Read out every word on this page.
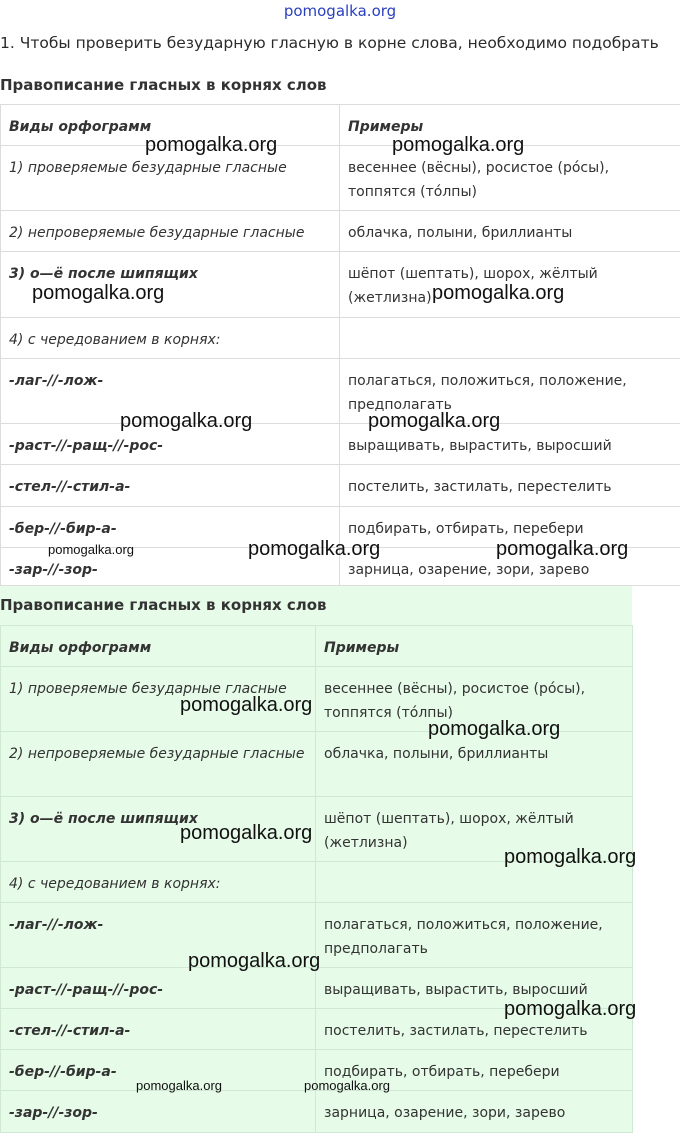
pomogalka.org
1. Чтобы проверить безударную гласную в корне слова, необходимо подобрать
Правописание гласных в корнях слов
Виды орфограмм	Примеры
1) проверяемые безударные гласные	весеннее (вёсны), росистое (рóсы), топпятся (тóлпы)
2) непроверяемые безударные гласные	облачка, полыни, бриллианты
3) о—ё после шипящих	шёпот (шептать), шорох, жёлтый (жетлизна)
4) с чередованием в корнях:	
-лаг-//-лож-	полагаться, положиться, положение, предполагать
-раст-//-ращ-//-рос-	выращивать, вырастить, выросший
-стел-//-стил-а-	постелить, застилать, перестелить
-бер-//-бир-а-	подбирать, отбирать, перебери
-зар-//-зор-	зарница, озарение, зори, зарево
Правописание гласных в корнях слов
Виды орфограмм	Примеры
1) проверяемые безударные гласные	весеннее (вёсны), росистое (рóсы), топпятся (тóлпы)
2) непроверяемые безударные гласные	облачка, полыни, бриллианты
3) о—ё после шипящих	шёпот (шептать), шорох, жёлтый (жетлизна)
4) с чередованием в корнях:	
-лаг-//-лож-	полагаться, положиться, положение, предполагать
-раст-//-ращ-//-рос-	выращивать, вырастить, выросший
-стел-//-стил-а-	постелить, застилать, перестелить
-бер-//-бир-а-	подбирать, отбирать, перебери
-зар-//-зор-	зарница, озарение, зори, зарево
pomogalka.org	pomogalka.org
pomogalka.org	pomogalka.org
pomogalka.org	pomogalka.org
pomogalka.org	pomogalka.org	pomogalka.org
pomogalka.org
pomogalka.org
pomogalka.org
pomogalka.org
pomogalka.org
pomogalka.org
pomogalka.org	pomogalka.org
